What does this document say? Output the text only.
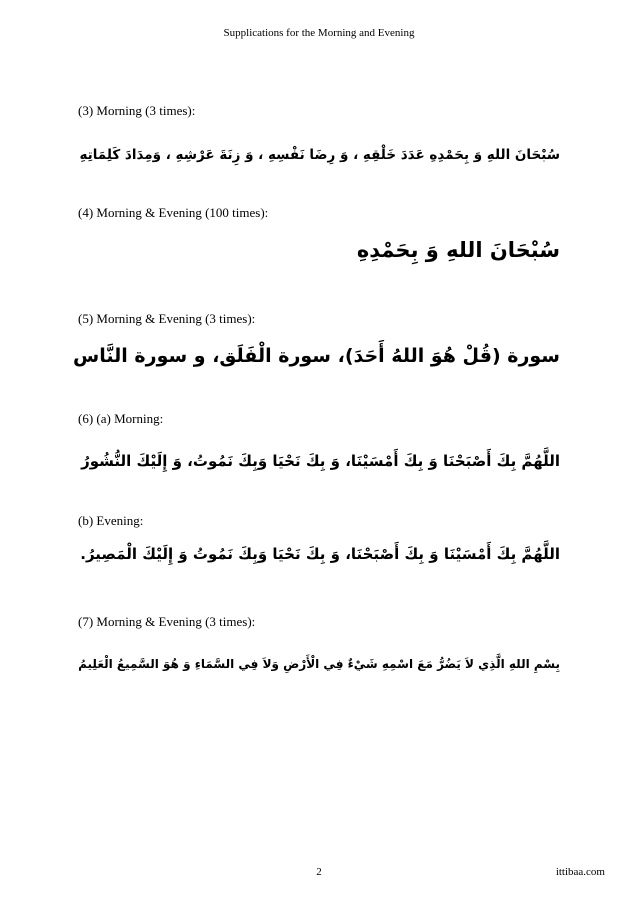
Supplications for the Morning and Evening
(3) Morning (3 times):
سُبْحَانَ اللهِ وَ بِحَمْدِهِ عَدَدَ خَلْقِهِ ، وَ رِضَا نَفْسِهِ ، وَ زِنَةَ عَرْشِهِ ، وَمِدَادَ كَلِمَاتِهِ
(4) Morning & Evening (100 times):
سُبْحَانَ اللهِ وَ بِحَمْدِهِ
(5) Morning & Evening (3 times):
سورة (قُلْ هُوَ اللهُ أَحَدَ)، سورة الْفَلَق، و سورة النَّاس
(6) (a) Morning:
اللَّهُمَّ بِكَ أَصْبَحْنَا وَ بِكَ أَمْسَيْنَا، وَ بِكَ نَحْيَا وَبِكَ نَمُوتُ، وَ إِلَيْكَ النُّشُورُ
(b) Evening:
اللَّهُمَّ بِكَ أَمْسَيْنَا وَ بِكَ أَصْبَحْنَا، وَ بِكَ نَحْيَا وَبِكَ نَمُوتُ وَ إِلَيْكَ الْمَصِيرُ.
(7) Morning & Evening (3 times):
بِسْمِ اللهِ الَّذِي لاَ يَضُرُّ مَعَ اسْمِهِ شَيْءٌ فِي الْأَرْضِ وَلاَ فِي السَّمَاءِ وَ هُوَ السَّمِيعُ الْعَلِيمُ
2	ittibaa.com
